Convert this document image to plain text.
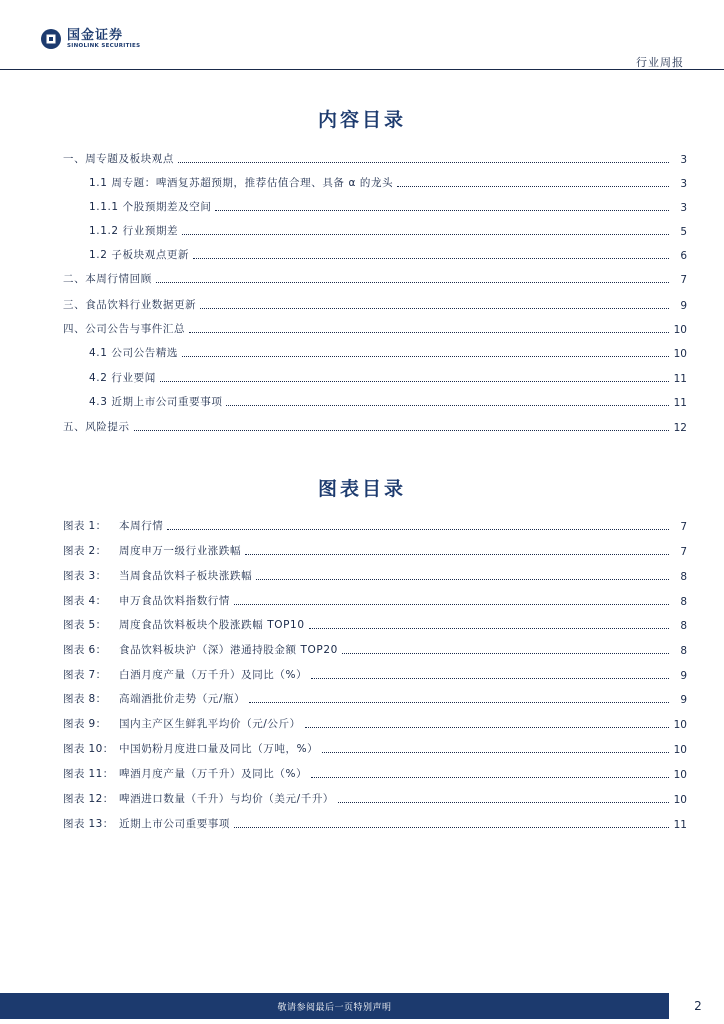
国金证券
SINOLINK SECURITIES
行业周报
内容目录
一、周专题及板块观点	3
1.1 周专题：啤酒复苏超预期，推荐估值合理、具备 α 的龙头	3
1.1.1 个股预期差及空间	3
1.1.2 行业预期差	5
1.2 子板块观点更新	6
二、本周行情回顾	7
三、食品饮料行业数据更新	9
四、公司公告与事件汇总	10
4.1 公司公告精选	10
4.2 行业要闻	11
4.3 近期上市公司重要事项	11
五、风险提示	12
图表目录
图表 1：	本周行情	7
图表 2：	周度申万一级行业涨跌幅	7
图表 3：	当周食品饮料子板块涨跌幅	8
图表 4：	申万食品饮料指数行情	8
图表 5：	周度食品饮料板块个股涨跌幅 TOP10	8
图表 6：	食品饮料板块沪（深）港通持股金额 TOP20	8
图表 7：	白酒月度产量（万千升）及同比（%）	9
图表 8：	高端酒批价走势（元/瓶）	9
图表 9：	国内主产区生鲜乳平均价（元/公斤）	10
图表 10： 中国奶粉月度进口量及同比（万吨，%）	10
图表 11： 啤酒月度产量（万千升）及同比（%）	10
图表 12： 啤酒进口数量（千升）与均价（美元/千升）	10
图表 13： 近期上市公司重要事项	11
敬请参阅最后一页特别声明	2
